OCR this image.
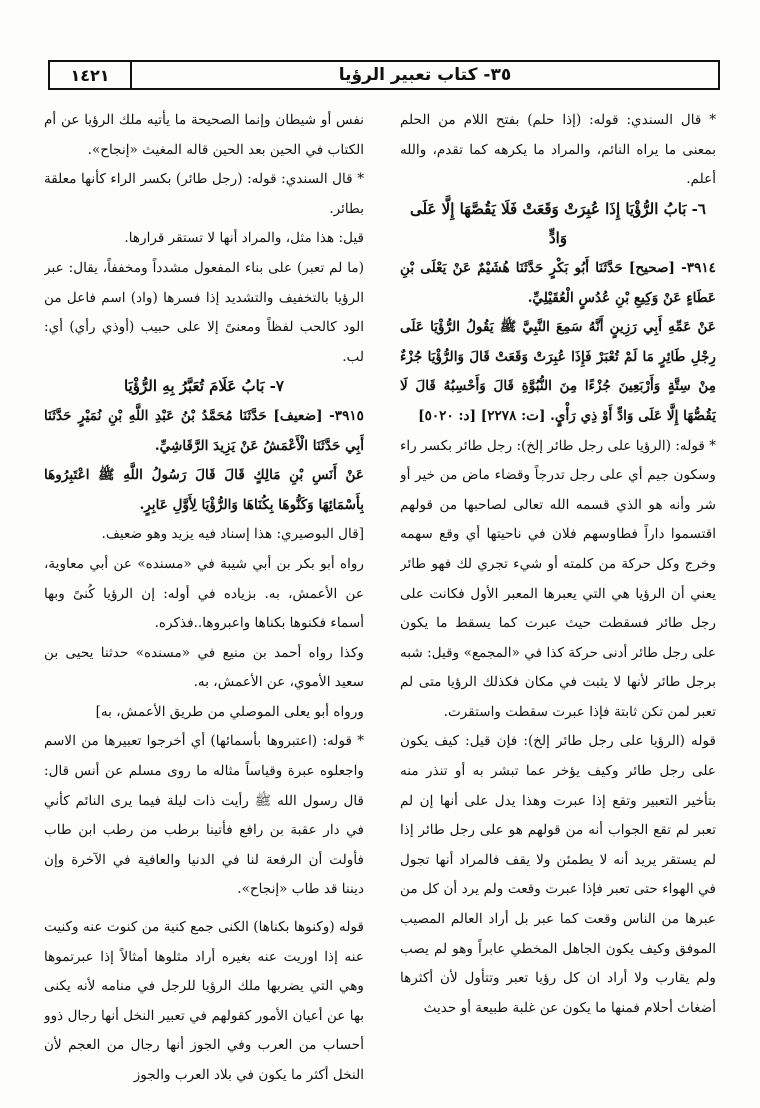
٣٥- كتاب تعبير الرؤيا
١٤٢١

* قال السندي: قوله: (إذا حلم) بفتح اللام من الحلم بمعنى ما يراه النائم، والمراد ما يكرهه كما تقدم، والله أعلم.

٦- بَابُ الرُّؤْيَا إِذَا عُبِرَتْ وَقَعَتْ فَلَا يَقُصَّهَا إِلَّا عَلَى وَادٍّ

٣٩١٤- [صحيح] حَدَّثَنَا أَبُو بَكْرٍ حَدَّثَنَا هُشَيْمٌ عَنْ يَعْلَى بْنِ عَطَاءٍ عَنْ وَكِيعِ بْنِ عُدُسٍ الْعُقَيْلِيِّ.

عَنْ عَمِّهِ أَبِي رَزِينٍ أَنَّهُ سَمِعَ النَّبِيَّ ﷺ يَقُولُ الرُّؤْيَا عَلَى رِجْلِ طَائِرٍ مَا لَمْ تُعْبَرْ فَإِذَا عُبِرَتْ وَقَعَتْ قَالَ وَالرُّؤْيَا جُزْءٌ مِنْ سِتَّةٍ وَأَرْبَعِينَ جُزْءًا مِنَ النُّبُوَّةِ قَالَ وَأَحْسِبُهُ قَالَ لَا يَقُصُّهَا إِلَّا عَلَى وَادٍّ أَوْ ذِي رَأْيٍ. [ت: ٢٢٧٨] [د: ٥٠٢٠]

* قوله: (الرؤيا على رجل طائر إلخ): رجل طائر بكسر راء وسكون جيم أي على رجل تدرجاً وقضاء ماض من خير أو شر وأنه هو الذي قسمه الله تعالى لصاحبها من قولهم اقتسموا داراً فطاوسهم فلان في ناحيتها أي وقع سهمه وخرج وكل حركة من كلمته أو شيء تجري لك فهو طائر يعني أن الرؤيا هي التي يعبرها المعبر الأول فكانت على رجل طائر فسقطت حيث عبرت كما يسقط ما يكون على رجل طائر أدنى حركة كذا في «المجمع» وقيل: شبه برجل طائر لأنها لا يثبت في مكان فكذلك الرؤيا متى لم تعبر لمن تكن ثابتة فإذا عبرت سقطت واستقرت.

قوله (الرؤيا على رجل طائر إلخ): فإن قيل: كيف يكون على رجل طائر وكيف يؤخر عما تبشر به أو تنذر منه بتأخير التعبير وتقع إذا عبرت وهذا يدل على أنها إن لم تعبر لم تقع الجواب أنه من قولهم هو على رجل طائر إذا لم يستقر يريد أنه لا يطمئن ولا يقف فالمراد أنها تجول في الهواء حتى تعبر فإذا عبرت وقعت ولم يرد أن كل من عبرها من الناس وقعت كما عبر بل أراد العالم المصيب الموفق وكيف يكون الجاهل المخطي عابراً وهو لم يصب ولم يقارب ولا أراد ان كل رؤيا تعبر وتتأول لأن أكثرها أضغاث أحلام فمنها ما يكون عن غلبة طبيعة أو حديث

نفس أو شيطان وإنما الصحيحة ما يأتيه ملك الرؤيا عن أم الكتاب في الحين بعد الحين قاله المغيث «إنجاح».

* قال السندي: قوله: (رجل طائر) بكسر الراء كأنها معلقة بطائر.

قيل: هذا مثل، والمراد أنها لا تستقر قرارها.

(ما لم تعبر) على بناء المفعول مشدداً ومخففاً، يقال: عبر الرؤيا بالتخفيف والتشديد إذا فسرها (واد) اسم فاعل من الود كالحب لفظاً ومعنىً إلا على حبيب (أوذي رأي) أي: لب.

٧- بَابُ عَلَامَ تُعَبَّرُ بِهِ الرُّؤْيَا

٣٩١٥- [ضعيف] حَدَّثَنَا مُحَمَّدُ بْنُ عَبْدِ اللَّهِ بْنِ نُمَيْرٍ حَدَّثَنَا أَبِي حَدَّثَنَا الْأَعْمَشُ عَنْ يَزِيدَ الرَّقَاشِيِّ.

عَنْ أَنَسِ بْنِ مَالِكٍ قَالَ قَالَ رَسُولُ اللَّهِ ﷺ اعْتَبِرُوهَا بِأَسْمَائِهَا وَكَنُّوهَا بِكُنَاهَا وَالرُّؤْيَا لِأَوَّلِ عَابِرٍ.

[قال البوصيري: هذا إسناد فيه يزيد وهو ضعيف.

رواه أبو بكر بن أبي شيبة في «مسنده» عن أبي معاوية، عن الأعمش، به. بزياده في أوله: إن الرؤيا كُنىً وبها أسماء فكنوها بكناها واعبروها..فذكره.

وكذا رواه أحمد بن منيع في «مسنده» حدثنا يحيى بن سعيد الأموي، عن الأعمش، به.

ورواه أبو يعلى الموصلي من طريق الأعمش، به]

* قوله: (اعتبروها بأسمائها) أي أخرجوا تعبيرها من الاسم واجعلوه عبرة وقياساً مثاله ما روى مسلم عن أنس قال: قال رسول الله ﷺ رأيت ذات ليلة فيما يرى النائم كأني في دار عقبة بن رافع فأتينا برطب من رطب ابن طاب فأولت أن الرفعة لنا في الدنيا والعافية في الآخرة وإن ديننا قد طاب «إنجاح».

قوله (وكنوها بكناها) الكنى جمع كنية من كنوت عنه وكنيت عنه إذا اوريت عنه بغيره أراد مثلوها أمثالاً إذا عبرتموها وهي التي يضربها ملك الرؤيا للرجل في منامه لأنه يكنى بها عن أعيان الأمور كقولهم في تعبير النخل أنها رجال ذوو أحساب من العرب وفي الجوز أنها رجال من العجم لأن النخل أكثر ما يكون في بلاد العرب والجوز
